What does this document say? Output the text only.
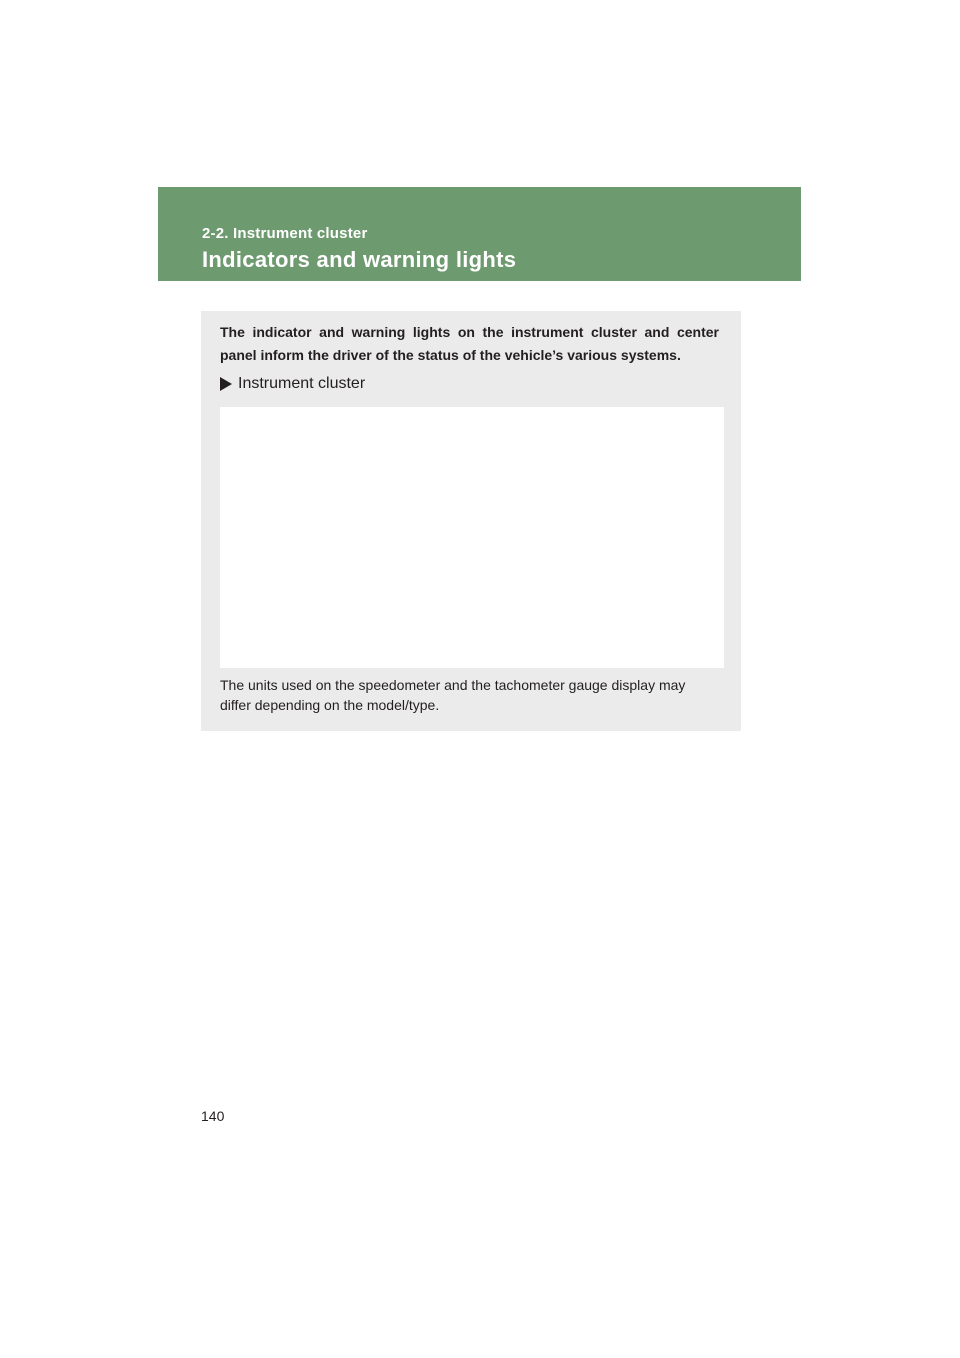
2-2. Instrument cluster
Indicators and warning lights
The indicator and warning lights on the instrument cluster and center panel inform the driver of the status of the vehicle’s various systems.
Instrument cluster
The units used on the speedometer and the tachometer gauge display may differ depending on the model/type.
140
